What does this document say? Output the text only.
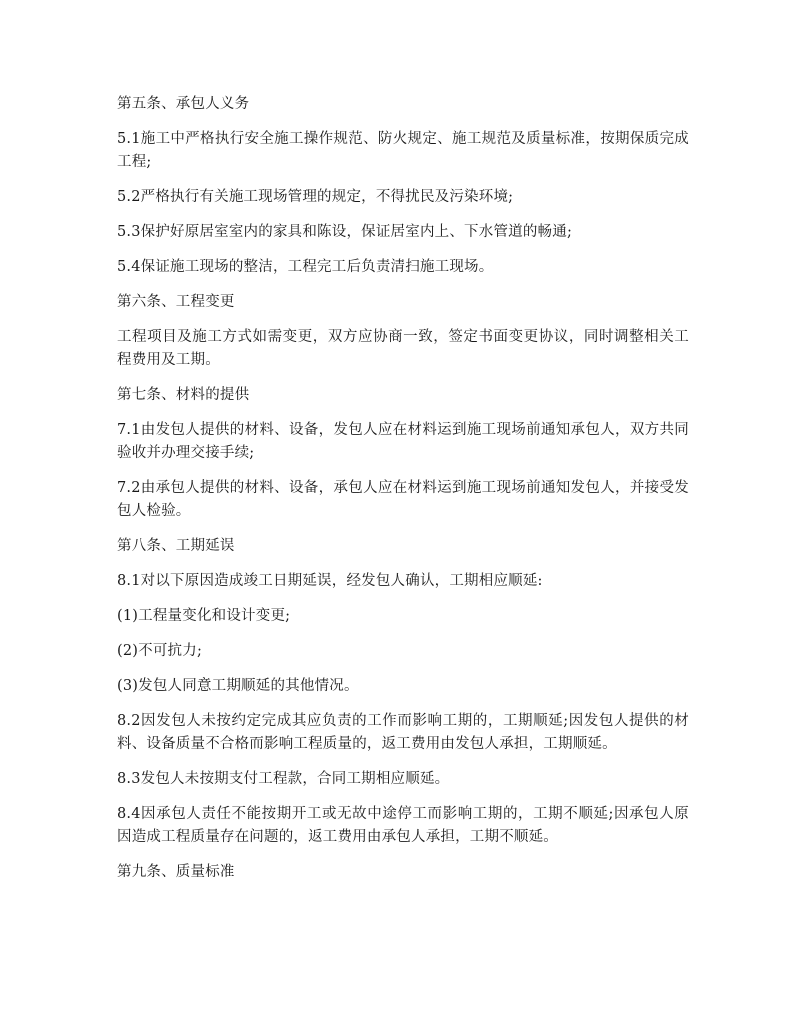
第五条、承包人义务

5.1施工中严格执行安全施工操作规范、防火规定、施工规范及质量标准，按期保质完成工程;

5.2严格执行有关施工现场管理的规定，不得扰民及污染环境;

5.3保护好原居室室内的家具和陈设，保证居室内上、下水管道的畅通;

5.4保证施工现场的整洁，工程完工后负责清扫施工现场。

第六条、工程变更

工程项目及施工方式如需变更，双方应协商一致，签定书面变更协议，同时调整相关工程费用及工期。

第七条、材料的提供

7.1由发包人提供的材料、设备，发包人应在材料运到施工现场前通知承包人，双方共同验收并办理交接手续;

7.2由承包人提供的材料、设备，承包人应在材料运到施工现场前通知发包人，并接受发包人检验。

第八条、工期延误

8.1对以下原因造成竣工日期延误，经发包人确认，工期相应顺延:

(1)工程量变化和设计变更;

(2)不可抗力;

(3)发包人同意工期顺延的其他情况。

8.2因发包人未按约定完成其应负责的工作而影响工期的，工期顺延;因发包人提供的材料、设备质量不合格而影响工程质量的，返工费用由发包人承担，工期顺延。

8.3发包人未按期支付工程款，合同工期相应顺延。

8.4因承包人责任不能按期开工或无故中途停工而影响工期的，工期不顺延;因承包人原因造成工程质量存在问题的，返工费用由承包人承担，工期不顺延。

第九条、质量标准
